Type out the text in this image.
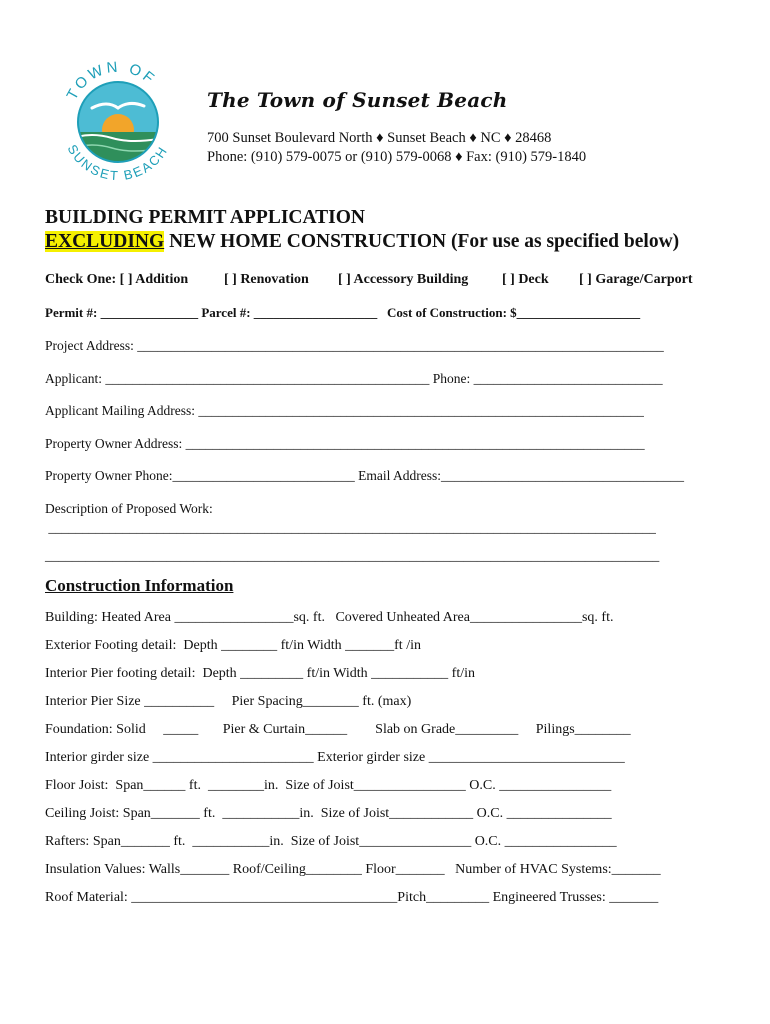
TOWN OF
SUNSET BEACH
The Town of Sunset Beach
700 Sunset Boulevard North ♦ Sunset Beach ♦ NC ♦ 28468
Phone: (910) 579-0075 or (910) 579-0068 ♦ Fax: (910) 579-1840
BUILDING PERMIT APPLICATION
EXCLUDING NEW HOME CONSTRUCTION (For use as specified below)
Check One: [ ] Addition	[ ] Renovation [ ] Accessory Building [ ] Deck [ ] Garage/Carport
Permit #: _______________ Parcel #: ___________________   Cost of Construction: $___________________
Project Address: ______________________________________________________________________________
Applicant: ________________________________________________ Phone: ____________________________
Applicant Mailing Address: __________________________________________________________________
Property Owner Address: ____________________________________________________________________
Property Owner Phone:___________________________ Email Address:____________________________________
Description of Proposed Work:
__________________________________________________________________________________________
___________________________________________________________________________________________
Construction Information
Building: Heated Area _________________sq. ft.   Covered Unheated Area________________sq. ft.
Exterior Footing detail:  Depth ________ ft/in Width _______ft /in
Interior Pier footing detail:  Depth _________ ft/in Width ___________ ft/in
Interior Pier Size __________     Pier Spacing________ ft. (max)
Foundation: Solid     _____       Pier & Curtain______        Slab on Grade_________     Pilings________
Interior girder size _______________________ Exterior girder size ____________________________
Floor Joist:  Span______ ft.  ________in.  Size of Joist________________ O.C. ________________
Ceiling Joist: Span_______ ft.  ___________in.  Size of Joist____________ O.C. _______________
Rafters: Span_______ ft.  ___________in.  Size of Joist________________ O.C. ________________
Insulation Values: Walls_______ Roof/Ceiling________ Floor_______   Number of HVAC Systems:_______
Roof Material: ______________________________________Pitch_________ Engineered Trusses: _______
